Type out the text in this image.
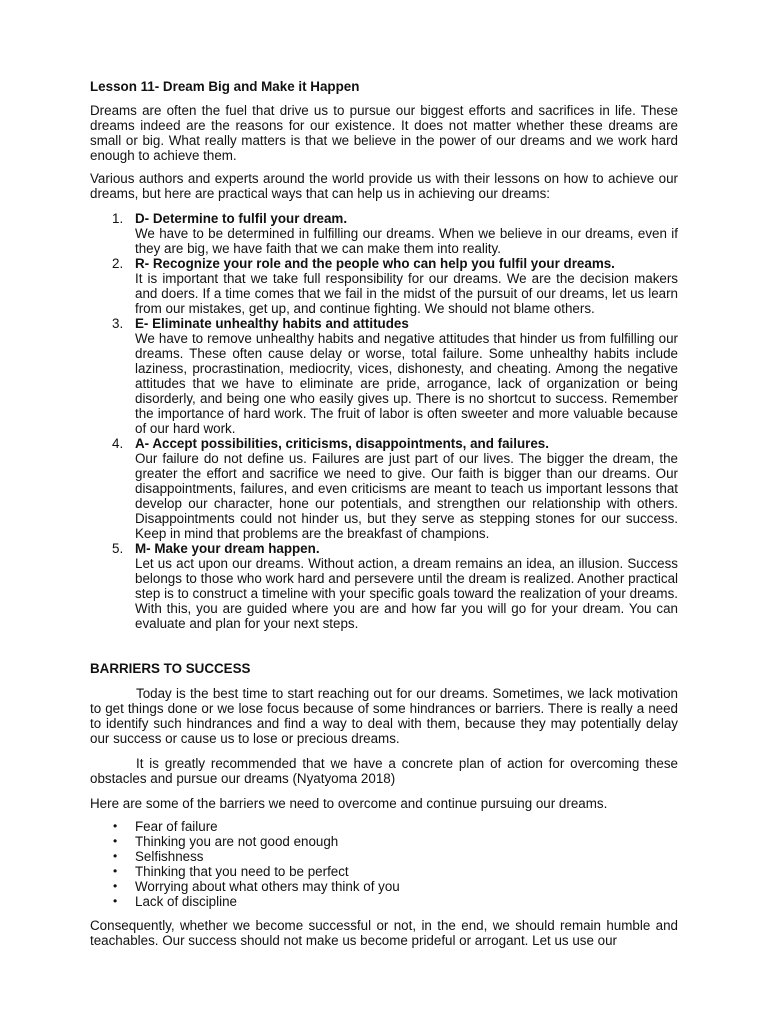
Lesson 11- Dream Big and Make it Happen

Dreams are often the fuel that drive us to pursue our biggest efforts and sacrifices in life. These dreams indeed are the reasons for our existence. It does not matter whether these dreams are small or big. What really matters is that we believe in the power of our dreams and we work hard enough to achieve them.

Various authors and experts around the world provide us with their lessons on how to achieve our dreams, but here are practical ways that can help us in achieving our dreams:

1. D- Determine to fulfil your dream.
We have to be determined in fulfilling our dreams. When we believe in our dreams, even if they are big, we have faith that we can make them into reality.
2. R- Recognize your role and the people who can help you fulfil your dreams.
It is important that we take full responsibility for our dreams. We are the decision makers and doers. If a time comes that we fail in the midst of the pursuit of our dreams, let us learn from our mistakes, get up, and continue fighting. We should not blame others.
3. E- Eliminate unhealthy habits and attitudes
We have to remove unhealthy habits and negative attitudes that hinder us from fulfilling our dreams. These often cause delay or worse, total failure. Some unhealthy habits include laziness, procrastination, mediocrity, vices, dishonesty, and cheating. Among the negative attitudes that we have to eliminate are pride, arrogance, lack of organization or being disorderly, and being one who easily gives up. There is no shortcut to success. Remember the importance of hard work. The fruit of labor is often sweeter and more valuable because of our hard work.
4. A- Accept possibilities, criticisms, disappointments, and failures.
Our failure do not define us. Failures are just part of our lives. The bigger the dream, the greater the effort and sacrifice we need to give. Our faith is bigger than our dreams. Our disappointments, failures, and even criticisms are meant to teach us important lessons that develop our character, hone our potentials, and strengthen our relationship with others. Disappointments could not hinder us, but they serve as stepping stones for our success. Keep in mind that problems are the breakfast of champions.
5. M- Make your dream happen.
Let us act upon our dreams. Without action, a dream remains an idea, an illusion. Success belongs to those who work hard and persevere until the dream is realized. Another practical step is to construct a timeline with your specific goals toward the realization of your dreams. With this, you are guided where you are and how far you will go for your dream. You can evaluate and plan for your next steps.
BARRIERS TO SUCCESS

Today is the best time to start reaching out for our dreams. Sometimes, we lack motivation to get things done or we lose focus because of some hindrances or barriers. There is really a need to identify such hindrances and find a way to deal with them, because they may potentially delay our success or cause us to lose or precious dreams.

It is greatly recommended that we have a concrete plan of action for overcoming these obstacles and pursue our dreams (Nyatyoma 2018)

Here are some of the barriers we need to overcome and continue pursuing our dreams.

• Fear of failure
• Thinking you are not good enough
• Selfishness
• Thinking that you need to be perfect
• Worrying about what others may think of you
• Lack of discipline

Consequently, whether we become successful or not, in the end, we should remain humble and teachables. Our success should not make us become prideful or arrogant. Let us use our
